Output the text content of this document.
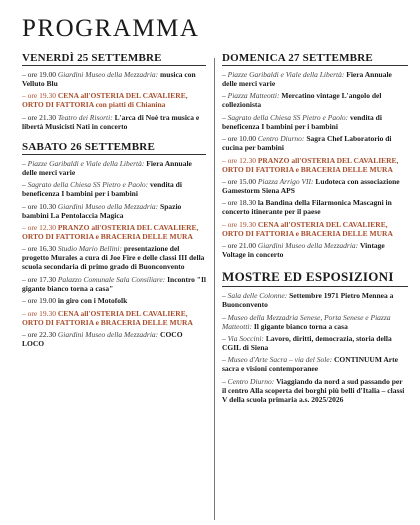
PROGRAMMA
VENERDÌ 25 SETTEMBRE
– ore 19.00 Giardini Museo della Mezzadria: musica con Velluto Blu
– ore 19.30 CENA all'OSTERIA DEL CAVALIERE, ORTO DI FATTORIA con piatti di Chianina
– ore 21.30 Teatro dei Risorti: L'arca di Noè tra musica e libertà Musicisti Nati in concerto
SABATO 26 SETTEMBRE
– Piazze Garibaldi e Viale della Libertà: Fiera Annuale delle merci varie
– Sagrato della Chiesa SS Pietro e Paolo: vendita di beneficenza I bambini per i bambini
– ore 10.30 Giardini Museo della Mezzadria: Spazio bambini La Pentolaccia Magica
– ore 12.30 PRANZO all'OSTERIA DEL CAVALIERE, ORTO DI FATTORIA e BRACERIA DELLE MURA
– ore 16.30 Studio Mario Bellini: presentazione del progetto Murales a cura di Joe Fire e delle classi III della scuola secondaria di primo grado di Buonconvento
– ore 17.30 Palazzo Comunale Sala Consiliare: Incontro "Il gigante bianco torna a casa"
– ore 19.00 in giro con i Motofolk
– ore 19.30 CENA all'OSTERIA DEL CAVALIERE, ORTO DI FATTORIA e BRACERIA DELLE MURA
– ore 22.30 Giardini Museo della Mezzadria: COCO LOCO
DOMENICA 27 SETTEMBRE
– Piazze Garibaldi e Viale della Libertà: Fiera Annuale delle merci varie
– Piazza Matteotti: Mercatino vintage L'angolo del collezionista
– Sagrato della Chiesa SS Pietro e Paolo: vendita di beneficenza I bambini per i bambini
– ore 10.00 Centro Diurno: Sagra Chef Laboratorio di cucina per bambini
– ore 12.30 PRANZO all'OSTERIA DEL CAVALIERE, ORTO DI FATTORIA e BRACERIA DELLE MURA
– ore 15.00 Piazza Arrigo VII: Ludoteca con associazione Gamestorm Siena APS
– ore 18.30 la Bandina della Filarmonica Mascagni in concerto itinerante per il paese
– ore 19.30 CENA all'OSTERIA DEL CAVALIERE, ORTO DI FATTORIA e BRACERIA DELLE MURA
– ore 21.00 Giardini Museo della Mezzadria: Vintage Voltage in concerto
MOSTRE ED ESPOSIZIONI
– Sala delle Colonne: Settembre 1971 Pietro Mennea a Buonconvento
– Museo della Mezzadria Senese, Porta Senese e Piazza Matteotti: Il gigante bianco torna a casa
– Via Soccini: Lavoro, diritti, democrazia, storia della CGIL di Siena
– Museo d'Arte Sacra – via del Sole: CONTINUUM Arte sacra e visioni contemporanee
– Centro Diurno: Viaggiando da nord a sud passando per il centro Alla scoperta dei borghi più belli d'Italia – classi V della scuola primaria a.s. 2025/2026
